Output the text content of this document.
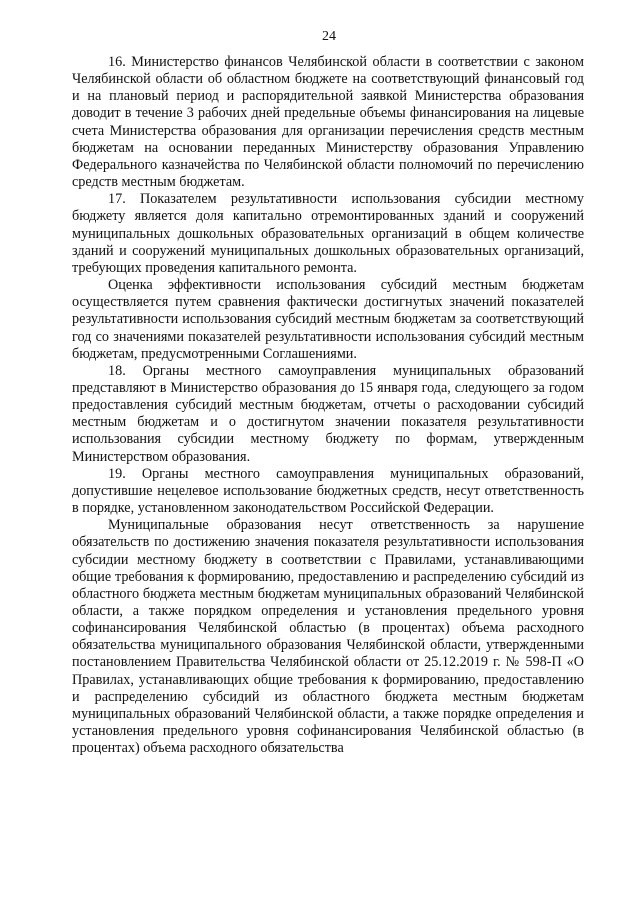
24

16. Министерство финансов Челябинской области в соответствии с законом Челябинской области об областном бюджете на соответствующий финансовый год и на плановый период и распорядительной заявкой Министерства образования доводит в течение 3 рабочих дней предельные объемы финансирования на лицевые счета Министерства образования для организации перечисления средств местным бюджетам на основании переданных Министерству образования Управлению Федерального казначейства по Челябинской области полномочий по перечислению средств местным бюджетам.

17. Показателем результативности использования субсидии местному бюджету является доля капитально отремонтированных зданий и сооружений муниципальных дошкольных образовательных организаций в общем количестве зданий и сооружений муниципальных дошкольных образовательных организаций, требующих проведения капитального ремонта.

Оценка эффективности использования субсидий местным бюджетам осуществляется путем сравнения фактически достигнутых значений показателей результативности использования субсидий местным бюджетам за соответствующий год со значениями показателей результативности использования субсидий местным бюджетам, предусмотренными Соглашениями.

18. Органы местного самоуправления муниципальных образований представляют в Министерство образования до 15 января года, следующего за годом предоставления субсидий местным бюджетам, отчеты о расходовании субсидий местным бюджетам и о достигнутом значении показателя результативности использования субсидии местному бюджету по формам, утвержденным Министерством образования.

19. Органы местного самоуправления муниципальных образований, допустившие нецелевое использование бюджетных средств, несут ответственность в порядке, установленном законодательством Российской Федерации.

Муниципальные образования несут ответственность за нарушение обязательств по достижению значения показателя результативности использования субсидии местному бюджету в соответствии с Правилами, устанавливающими общие требования к формированию, предоставлению и распределению субсидий из областного бюджета местным бюджетам муниципальных образований Челябинской области, а также порядком определения и установления предельного уровня софинансирования Челябинской областью (в процентах) объема расходного обязательства муниципального образования Челябинской области, утвержденными постановлением Правительства Челябинской области от 25.12.2019 г. № 598-П «О Правилах, устанавливающих общие требования к формированию, предоставлению и распределению субсидий из областного бюджета местным бюджетам муниципальных образований Челябинской области, а также порядке определения и установления предельного уровня софинансирования Челябинской областью (в процентах) объема расходного обязательства
